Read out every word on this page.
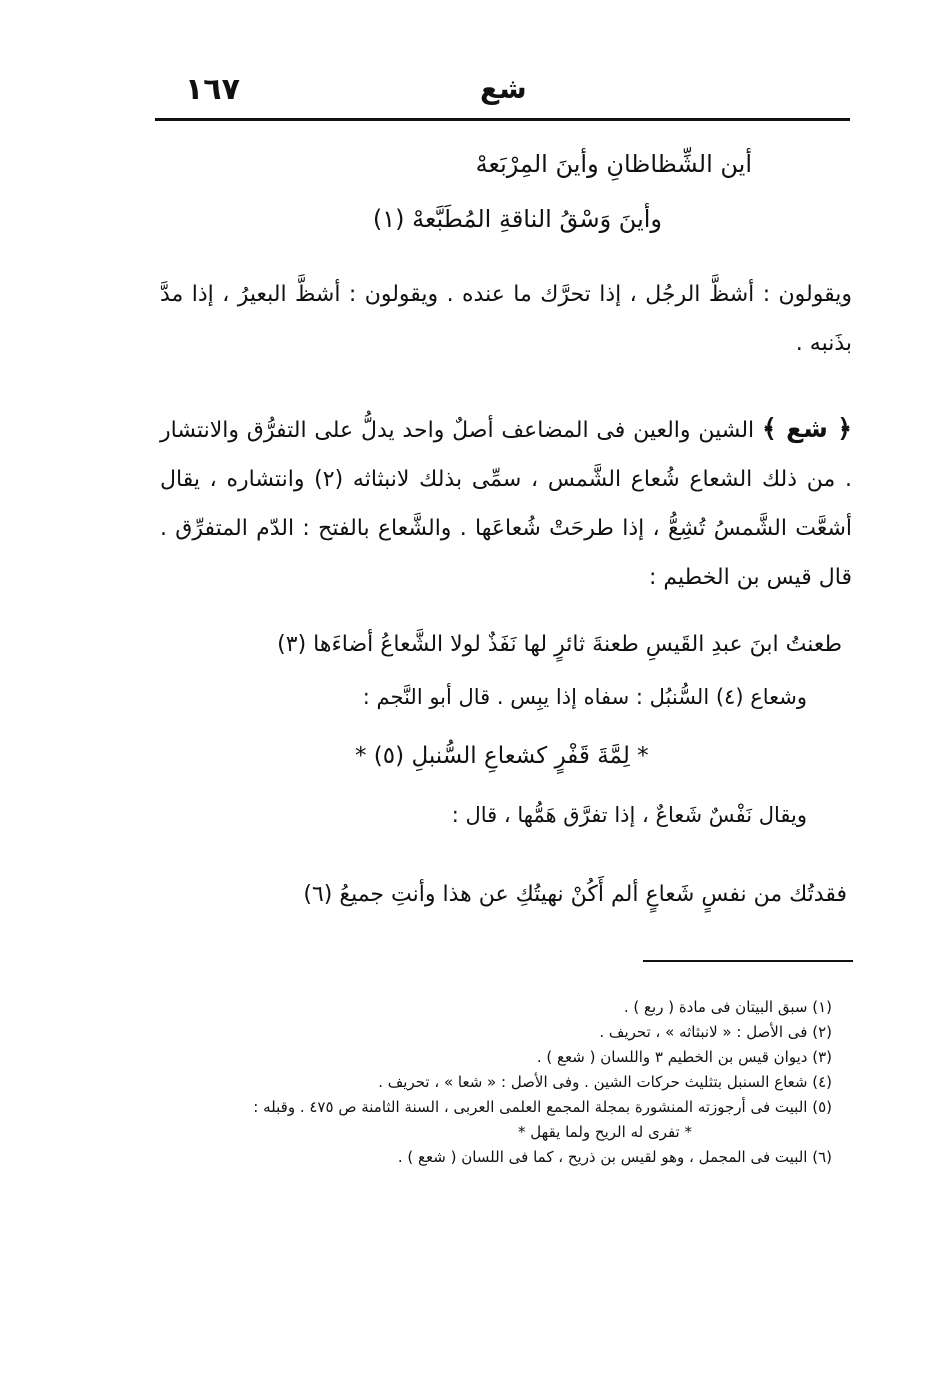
١٦٧	شع
أين الشِّظاظانِ وأينَ المِرْبَعهْ
وأينَ وَسْقُ الناقةِ المُطَبَّعهْ (١)
ويقولون : أشظَّ الرجُل ، إذا تحرَّك ما عنده . ويقولون : أشظَّ البعيرُ ، إذا مدَّ بذَنبه .
﴿ شع ﴾ الشين والعين فى المضاعف أصلٌ واحد يدلُّ على التفرُّق والانتشار . من ذلك الشعاع شُعاع الشَّمس ، سمِّى بذلك لانبثاثه (٢) وانتشاره ، يقال أشعَّت الشَّمسُ تُشِعُّ ، إذا طرحَتْ شُعاعَها . والشَّعاع بالفتح : الدّم المتفرِّق . قال قيس بن الخطيم :
طعنتُ ابنَ عبدِ القَيسِ طعنةَ ثائرٍ لها نَفَذٌ لولا الشَّعاعُ أضاءَها (٣)
وشعاع (٤) السُّنبُل : سفاه إذا يبِس . قال أبو النَّجم :
* لِمَّةَ قَفْرٍ كشعاعِ السُّنبلِ (٥) *
ويقال نَفْسٌ شَعاعٌ ، إذا تفرَّق هَمُّها ، قال :
فقدتُك من نفسٍ شَعاعٍ ألم أَكُنْ نهيتُكِ عن هذا وأنتِ جميعُ (٦)
(١) سبق البيتان فى مادة ( ربع ) .
(٢) فى الأصل : « لانبثاثه » ، تحريف .
(٣) ديوان قيس بن الخطيم ٣ واللسان ( شعع ) .
(٤) شعاع السنبل بتثليث حركات الشين . وفى الأصل : « شعا » ، تحريف .
(٥) البيت فى أرجوزته المنشورة بمجلة المجمع العلمى العربى ، السنة الثامنة ص ٤٧٥ . وقبله :
* تفرى له الريح ولما يقهل *
(٦) البيت فى المجمل ، وهو لقيس بن ذريح ، كما فى اللسان ( شعع ) .
